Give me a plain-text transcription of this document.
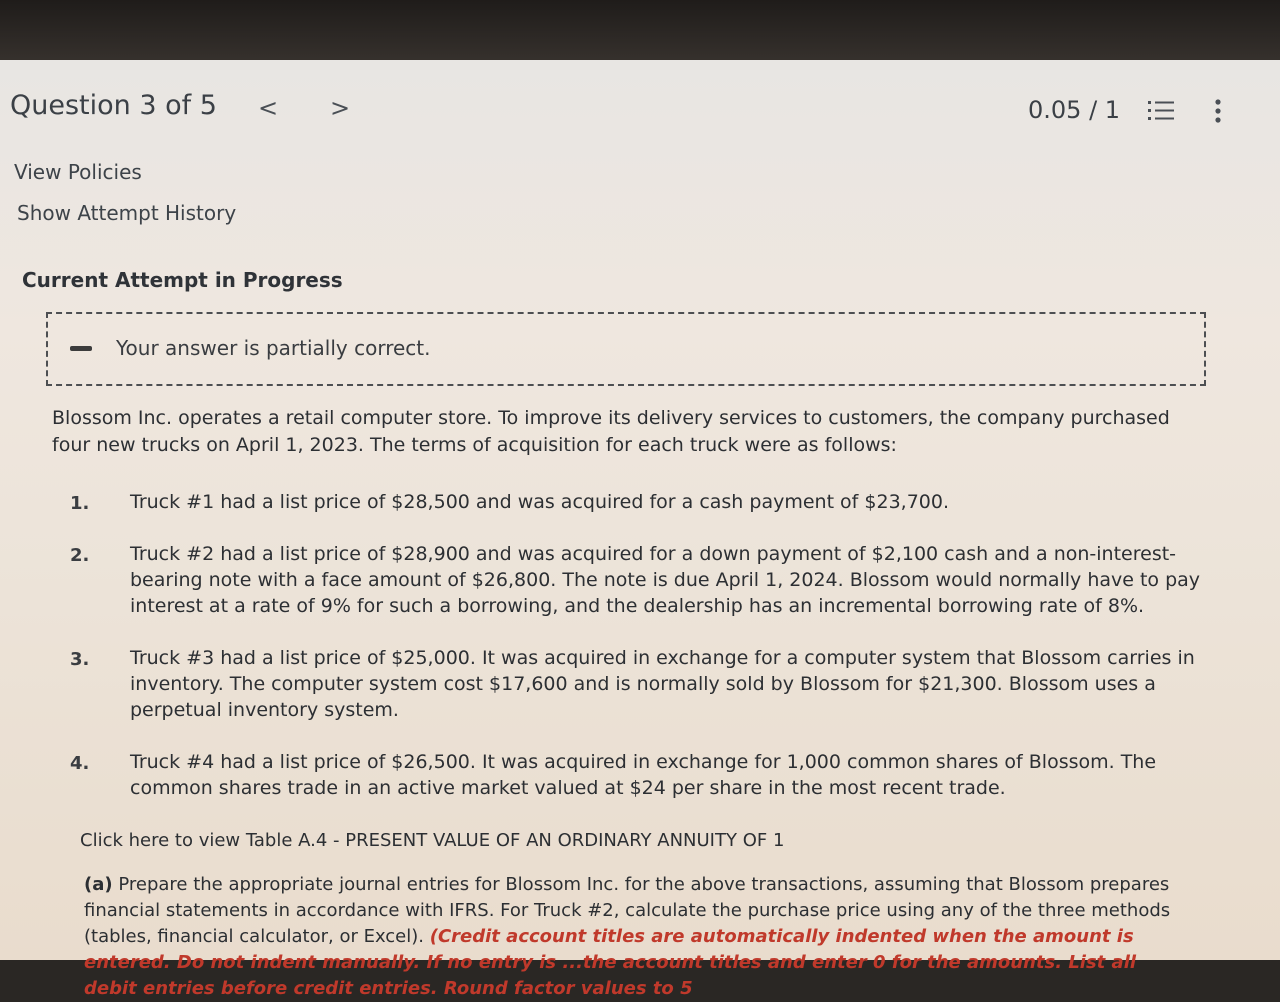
Question 3 of 5 < >	0.05 / 1
View Policies
Show Attempt History
Current Attempt in Progress
Your answer is partially correct.

Blossom Inc. operates a retail computer store. To improve its delivery services to customers, the company purchased four new trucks on April 1, 2023. The terms of acquisition for each truck were as follows:

1. Truck #1 had a list price of $28,500 and was acquired for a cash payment of $23,700.
2. Truck #2 had a list price of $28,900 and was acquired for a down payment of $2,100 cash and a non-interest-bearing note with a face amount of $26,800. The note is due April 1, 2024. Blossom would normally have to pay interest at a rate of 9% for such a borrowing, and the dealership has an incremental borrowing rate of 8%.
3. Truck #3 had a list price of $25,000. It was acquired in exchange for a computer system that Blossom carries in inventory. The computer system cost $17,600 and is normally sold by Blossom for $21,300. Blossom uses a perpetual inventory system.
4. Truck #4 had a list price of $26,500. It was acquired in exchange for 1,000 common shares of Blossom. The common shares trade in an active market valued at $24 per share in the most recent trade.
Click here to view Table A.4 - PRESENT VALUE OF AN ORDINARY ANNUITY OF 1
(a) Prepare the appropriate journal entries for Blossom Inc. for the above transactions, assuming that Blossom prepares financial statements in accordance with IFRS. For Truck #2, calculate the purchase price using any of the three methods (tables, financial calculator, or Excel). (Credit account titles are automatically indented when the amount is entered. Do not indent manually. If no entry is ...the account titles and enter 0 for the amounts. List all debit entries before credit entries. Round factor values to 5
